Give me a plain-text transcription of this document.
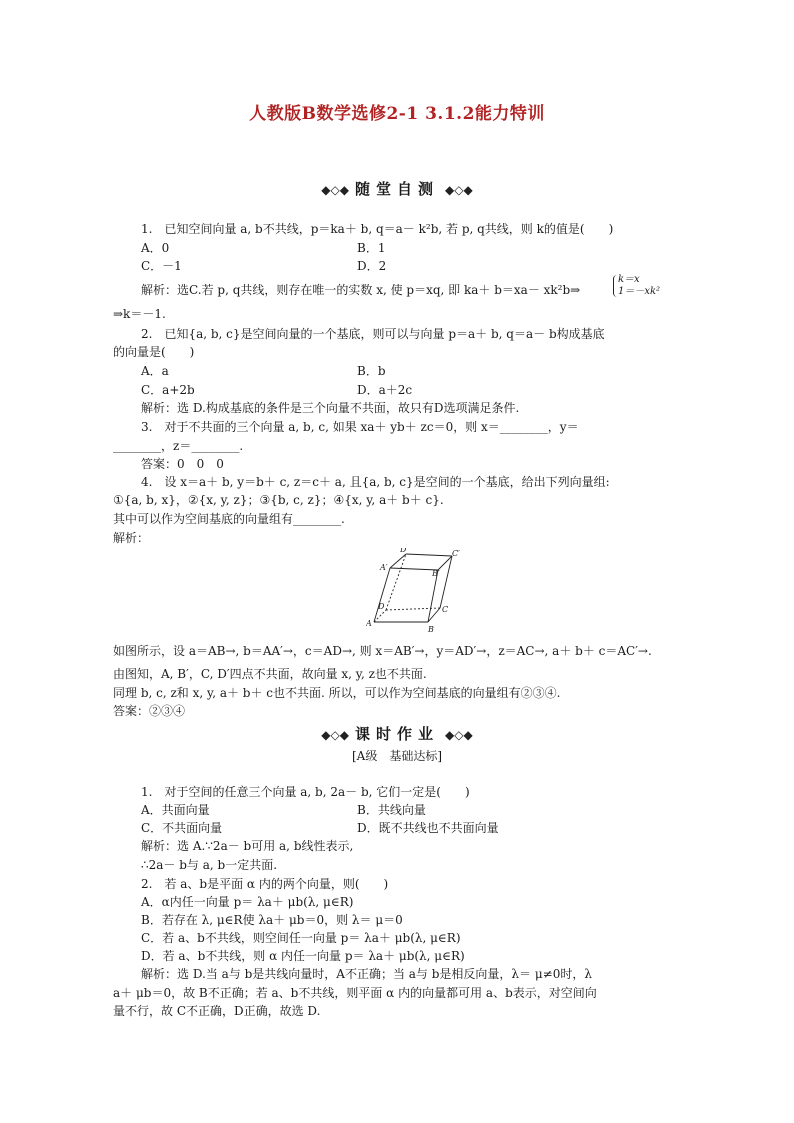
人教版B数学选修2-1 3.1.2能力特训
◆◇◆ 随堂自测 ◆◇◆
1.　已知空间向量 a, b不共线，p＝ka＋ b, q＝a－ k²b, 若 p, q共线，则 k的值是(　　)
A．0	B．1
C．－1	D．2
解析：选C.若 p, q共线，则存在唯一的实数 x, 使 p＝xq, 即 ka＋ b＝xa－ xk²b⇒
k＝x
1＝－xk²
⇒k＝－1.
2.　已知{a, b, c}是空间向量的一个基底，则可以与向量 p＝a＋ b, q＝a－ b构成基底
的向量是(　　)
A．a	B．b
C．a+2b	D．a＋2c
解析：选 D.构成基底的条件是三个向量不共面，故只有D选项满足条件.
3.　对于不共面的三个向量 a, b, c, 如果 xa＋ yb＋ zc＝0，则 x＝________，y＝
________，z＝________.
答案：0　0　0
4.　设 x＝a＋ b, y＝b＋ c, z＝c＋ a, 且{a, b, c}是空间的一个基底，给出下列向量组:
①{a, b, x}，②{x, y, z}；③{b, c, z}；④{x, y, a＋ b＋ c}.
其中可以作为空间基底的向量组有________.
解析：
D′	C′
A′
B′
D	C
A
B
如图所示，设 a＝AB→, b＝AA′→，c＝AD→, 则 x＝AB′→，y＝AD′→，z＝AC→, a＋ b＋ c＝AC′→.
由图知，A, B′，C, D′四点不共面，故向量 x, y, z也不共面.
同理 b, c, z和 x, y, a＋ b＋ c也不共面. 所以，可以作为空间基底的向量组有②③④.
答案：②③④
◆◇◆ 课时作业 ◆◇◆
[A级　基础达标]
1.　对于空间的任意三个向量 a, b, 2a－ b, 它们一定是(　　)
A．共面向量	B．共线向量
C．不共面向量	D．既不共线也不共面向量
解析：选 A.∵2a－ b可用 a, b线性表示,
∴2a－ b与 a, b一定共面.
2.　若 a、b是平面 α 内的两个向量，则(　　)
A．α内任一向量 p＝ λa＋ μb(λ, μ∈R)
B．若存在 λ, μ∈R使 λa＋ μb＝0，则 λ＝ μ＝0
C．若 a、b不共线，则空间任一向量 p＝ λa＋ μb(λ, μ∈R)
D．若 a、b不共线，则 α 内任一向量 p＝ λa＋ μb(λ, μ∈R)
解析：选 D.当 a与 b是共线向量时，A不正确；当 a与 b是相反向量，λ＝ μ≠0时，λ
a＋ μb＝0，故 B不正确；若 a、b不共线，则平面 α 内的向量都可用 a、b表示，对空间向
量不行，故 C不正确，D正确，故选 D.
